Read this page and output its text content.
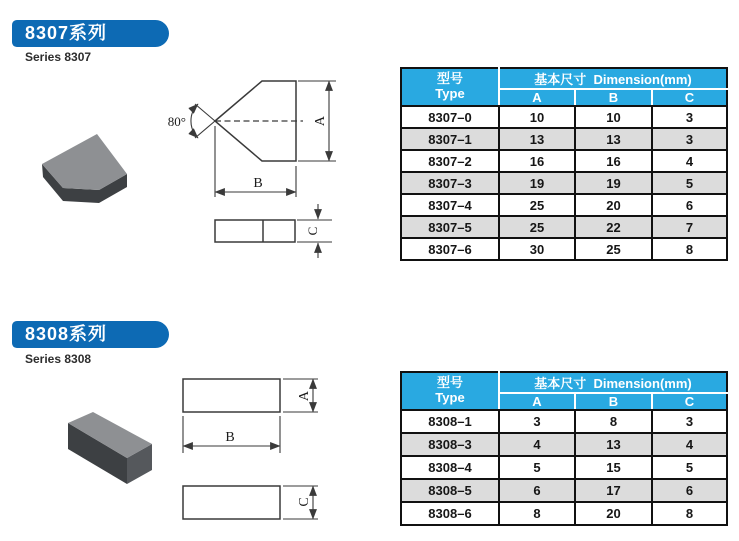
8307系列
Series 8307
80°	A
B
C
型号
Type	基本尺寸  Dimension(mm)		
	A	B	C
8307–0	10	10	3
8307–1	13	13	3
8307–2	16	16	4
8307–3	19	19	5
8307–4	25	20	6
8307–5	25	22	7
8307–6	30	25	8
8308系列
Series 8308
A
B
C
型号
Type	基本尺寸  Dimension(mm)		
	A	B	C
8308–1	3	8	3
8308–3	4	13	4
8308–4	5	15	5
8308–5	6	17	6
8308–6	8	20	8
